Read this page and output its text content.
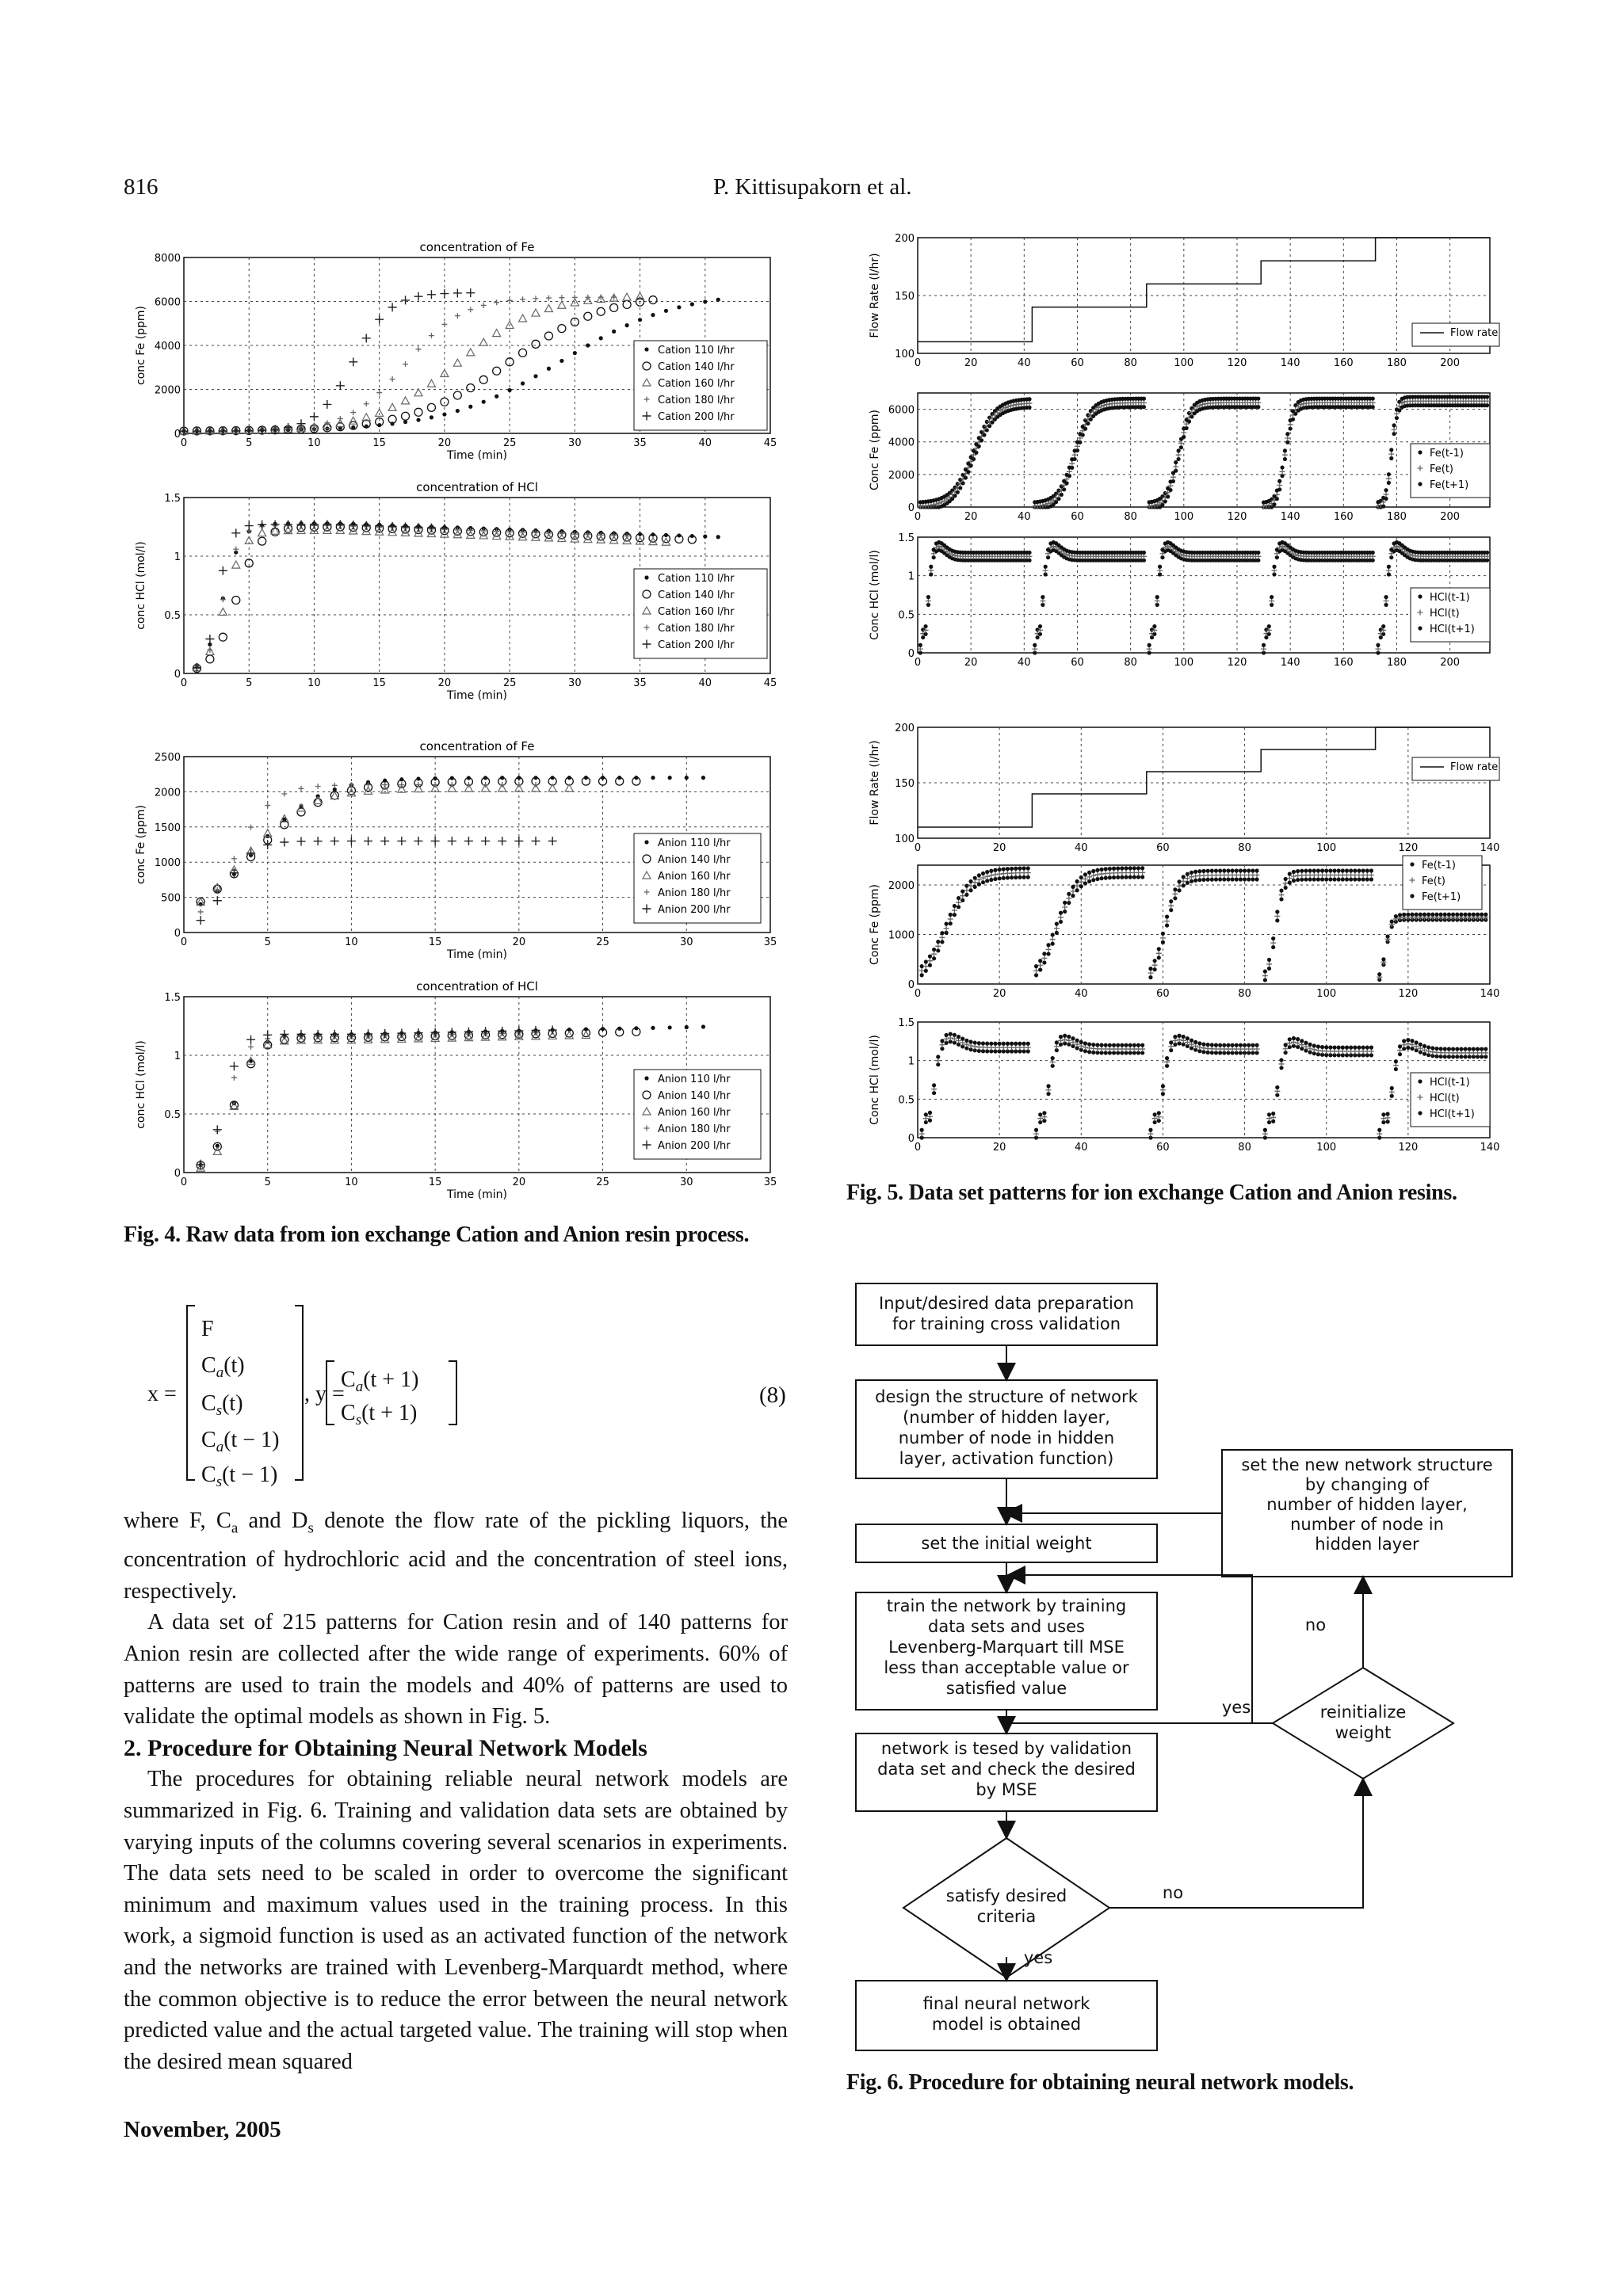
816	P. Kittisupakorn et al.
0	5	10	15	20	25	30	35	40	45
0
2000
4000
6000
8000
concentration of Fe
Time (min)
conc Fe (ppm)	Cation 110 l/hr
Cation 140 l/hr
Cation 160 l/hr
Cation 180 l/hr
Cation 200 l/hr
0	5	10	15	20	25	30	35	40	45
0
0.5
1
1.5
concentration of HCl
Time (min)
conc HCl (mol/l)	Cation 110 l/hr
Cation 140 l/hr
Cation 160 l/hr
Cation 180 l/hr
Cation 200 l/hr
0	5	10	15	20	25	30	35
0
500
1000
1500
2000
2500
concentration of Fe
Time (min)
conc Fe (ppm)	Anion 110 l/hr
Anion 140 l/hr
Anion 160 l/hr
Anion 180 l/hr
Anion 200 l/hr
0	5	10	15	20	25	30	35
0
0.5
1
1.5
concentration of HCl
Time (min)
conc HCl (mol/l)	Anion 110 l/hr
Anion 140 l/hr
Anion 160 l/hr
Anion 180 l/hr
Anion 200 l/hr
0	20	40	60	80	100	120	140	160	180	200
100
150
200
Flow Rate (l/hr)	Flow rate
0	20	40	60	80	100	120	140	160	180	200
0
2000
4000
6000
Conc Fe (ppm)	Fe(t-1)
Fe(t)
Fe(t+1)
0	20	40	60	80	100	120	140	160	180	200
0
0.5
1
1.5
Conc HCl (mol/l)	HCl(t-1)
HCl(t)
HCl(t+1)
0	20	40	60	80	100	120	140
100
150
200
Flow Rate (l/hr)	Flow rate
0	20	40	60	80	100	120	140
0
1000
2000
Conc Fe (ppm)
Fe(t-1)
Fe(t)
Fe(t+1)
0	20	40	60	80	100	120	140
0
0.5
1
1.5
Conc HCl (mol/l)	HCl(t-1)
HCl(t)
HCl(t+1)
Fig. 4. Raw data from ion exchange Cation and Anion resin process.
Fig. 5. Data set patterns for ion exchange Cation and Anion resins.
x =
F
$C_a(t)$
$C_s(t)$
$C_a(t - 1)$
$C_s(t - 1)$
, y =
$C_a(t + 1)$
$C_s(t + 1)$
(8)

where F, $C_a$ and $D_s$ denote the flow rate of the pickling liquors, the concentration of hydrochloric acid and the concentration of steel ions, respectively.

A data set of 215 patterns for Cation resin and of 140 patterns for Anion resin are collected after the wide range of experiments. 60% of patterns are used to train the models and 40% of patterns are used to validate the optimal models as shown in Fig. 5.

2. Procedure for Obtaining Neural Network Models

The procedures for obtaining reliable neural network models are summarized in Fig. 6. Training and validation data sets are obtained by varying inputs of the columns covering several scenarios in experiments. The data sets need to be scaled in order to overcome the significant minimum and maximum values used in the training process. In this work, a sigmoid function is used as an activated function of the network and the networks are trained with Levenberg-Marquardt method, where the common objective is to reduce the error between the neural network predicted value and the actual targeted value. The training will stop when the desired mean squared

November, 2005
Input/desired data preparation
for training cross validation
design the structure of network
(number of hidden layer,
number of node in hidden
layer, activation function)
set the initial weight
train the network by training
data sets and uses
Levenberg-Marquart till MSE
less than acceptable value or
satisfied value
network is tesed by validation
data set and check the desired
by MSE
satisfy desired
criteria
final neural network
model is obtained
set the new network structure
by changing of
number of hidden layer,
number of node in
hidden layer
reinitialize
weight
yes
yes
no
no
Fig. 6. Procedure for obtaining neural network models.
